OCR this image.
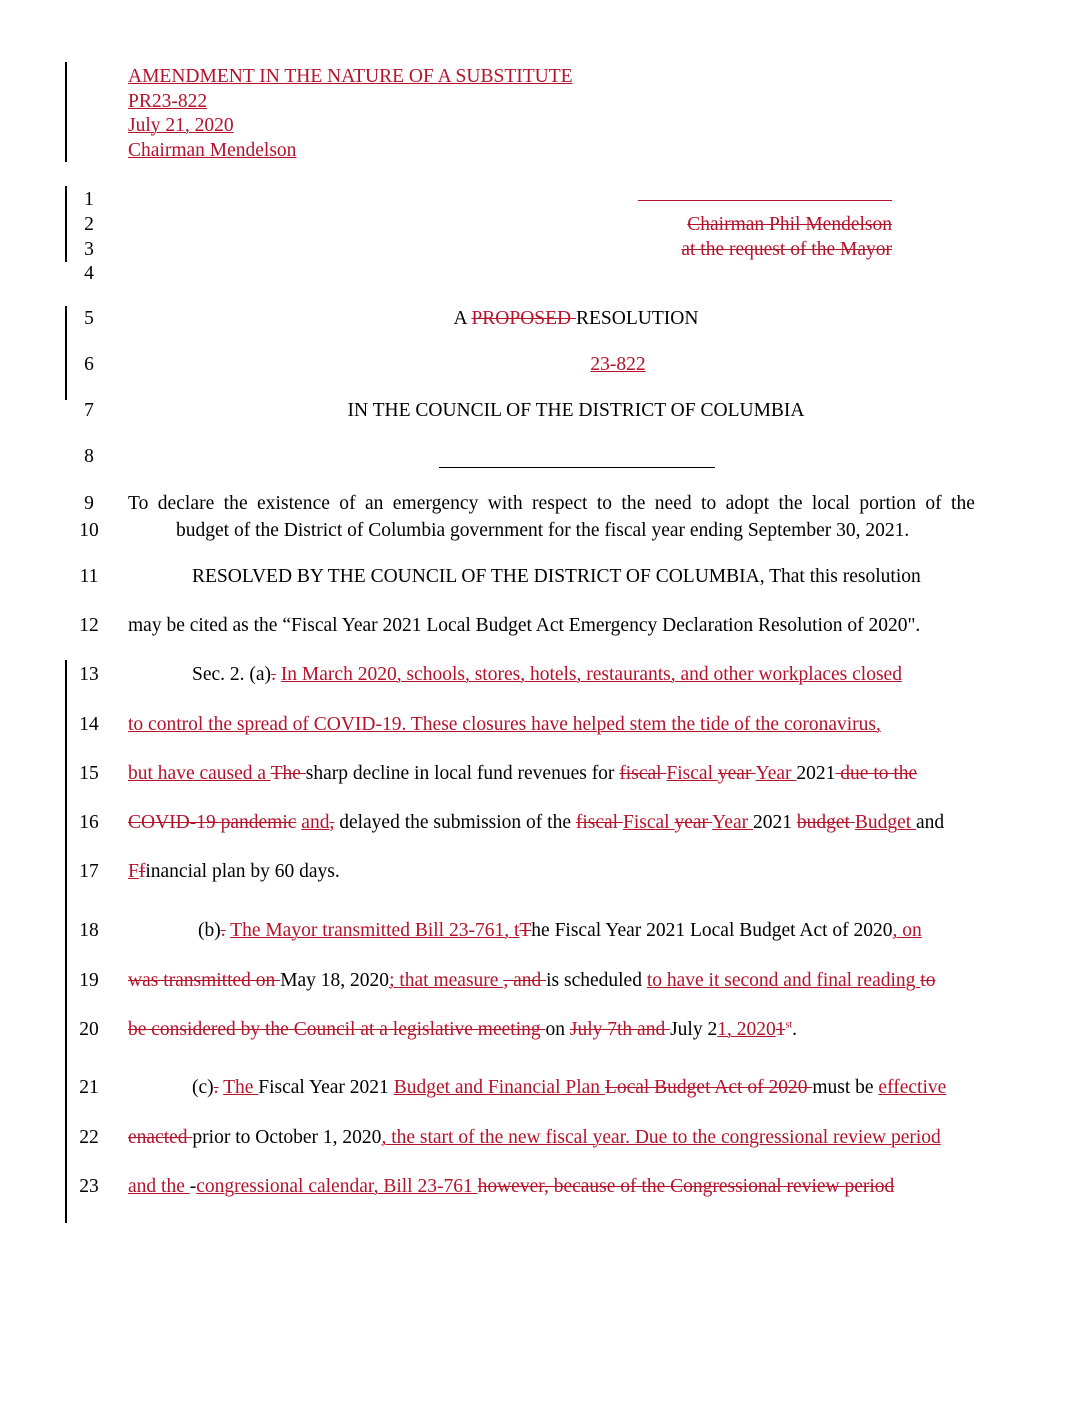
AMENDMENT IN THE NATURE OF A SUBSTITUTE
PR23-822
July 21, 2020
Chairman Mendelson
1
2
3
4
5
6
7
8
9
10
11
12
13
14
15
16
17
18
19
20
21
22
23
Chairman Phil Mendelson
at the request of the Mayor
A PROPOSED RESOLUTION
23-822
IN THE COUNCIL OF THE DISTRICT OF COLUMBIA
To declare the existence of an emergency with respect to the need to adopt the local portion of the
budget of the District of Columbia government for the fiscal year ending September 30, 2021.
RESOLVED BY THE COUNCIL OF THE DISTRICT OF COLUMBIA, That this resolution
may be cited as the “Fiscal Year 2021 Local Budget Act Emergency Declaration Resolution of 2020".
Sec. 2. (a). In March 2020, schools, stores, hotels, restaurants, and other workplaces closed
to control the spread of COVID-19. These closures have helped stem the tide of the coronavirus,
but have caused a The sharp decline in local fund revenues for fiscal Fiscal year Year 2021 due to the
COVID-19 pandemic and, delayed the submission of the fiscal Fiscal year Year 2021 budget Budget and
Ffinancial plan by 60 days.
(b). The Mayor transmitted Bill 23-761, tThe Fiscal Year 2021 Local Budget Act of 2020, on
was transmitted on May 18, 2020; that measure , and is scheduled to have it second and final reading to
be considered by the Council at a legislative meeting on July 7th and July 21, 20201st.
(c). The Fiscal Year 2021 Budget and Financial Plan Local Budget Act of 2020 must be effective
enacted prior to October 1, 2020, the start of the new fiscal year. Due to the congressional review period
and the -congressional calendar, Bill 23-761 however, because of the Congressional review period
